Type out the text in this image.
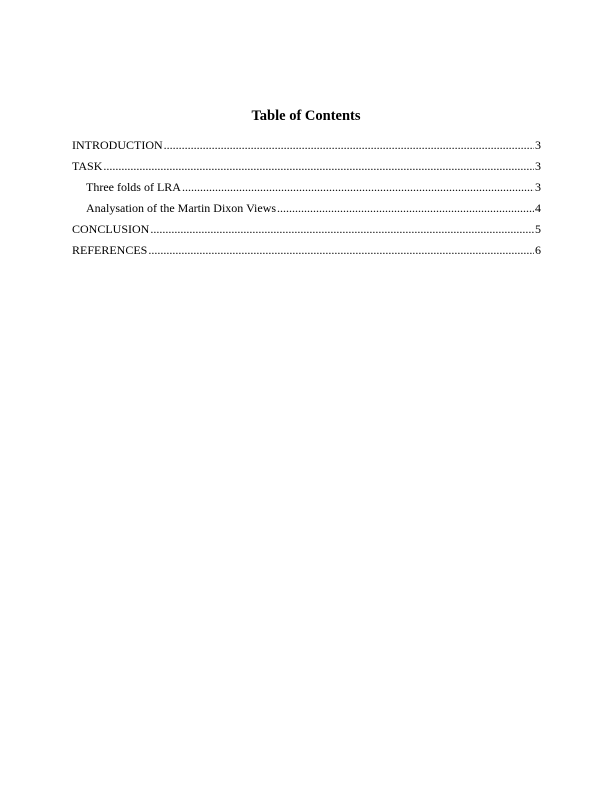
Table of Contents
INTRODUCTION .....	3
TASK .....	3
Three folds of LRA .....	3
Analysation of the Martin Dixon Views .....	4
CONCLUSION .....	5
REFERENCES .....	6
